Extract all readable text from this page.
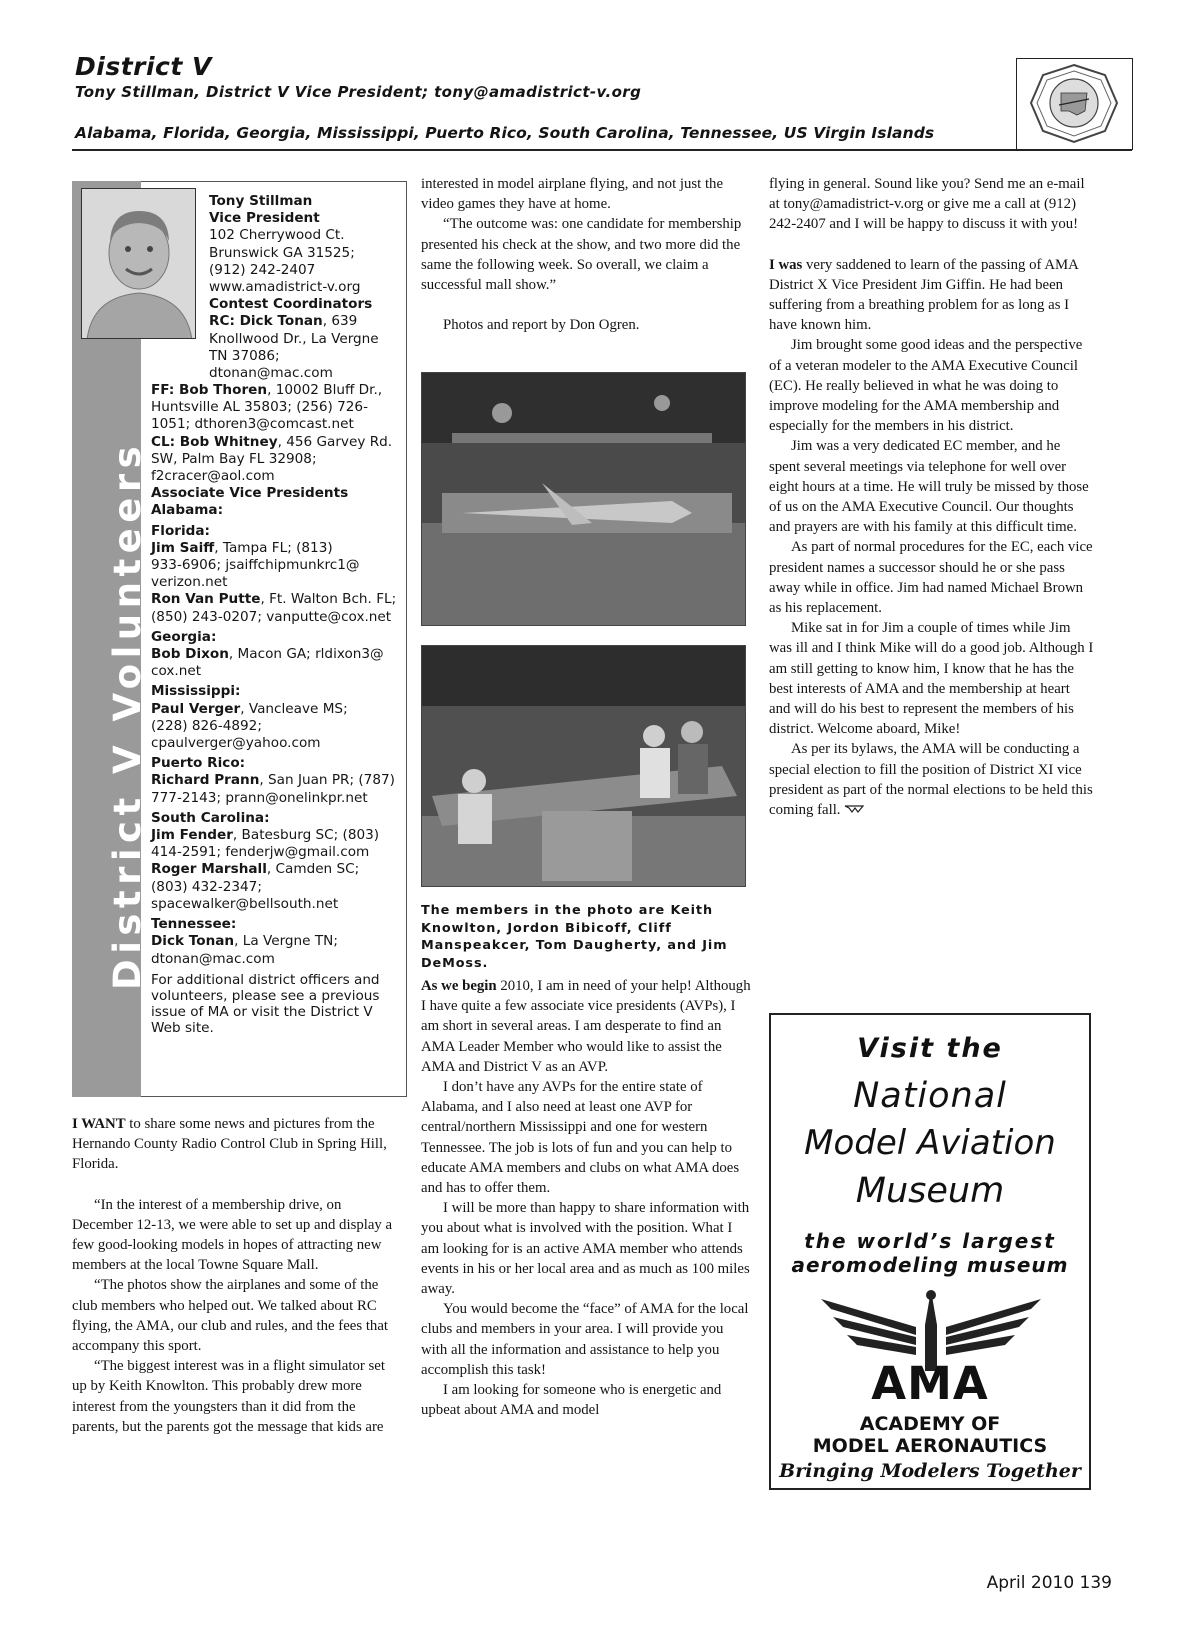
District V
Tony Stillman, District V Vice President; tony@amadistrict-v.org
Alabama, Florida, Georgia, Mississippi, Puerto Rico, South Carolina, Tennessee, US Virgin Islands
District V Volunteers
Tony Stillman
Vice President
102 Cherrywood Ct.
Brunswick GA 31525;
(912) 242-2407
www.amadistrict-v.org
Contest Coordinators
RC: Dick Tonan, 639
Knollwood Dr., La Vergne
TN 37086;
dtonan@mac.com
FF: Bob Thoren, 10002 Bluff Dr.,
Huntsville AL 35803; (256) 726-
1051; dthoren3@comcast.net
CL: Bob Whitney, 456 Garvey Rd.
SW, Palm Bay FL 32908;
f2cracer@aol.com
Associate Vice Presidents
Alabama:
Florida:
Jim Saiff, Tampa FL; (813)
933-6906; jsaiffchipmunkrc1@
verizon.net
Ron Van Putte, Ft. Walton Bch. FL;
(850) 243-0207; vanputte@cox.net
Georgia:
Bob Dixon, Macon GA; rldixon3@
cox.net
Mississippi:
Paul Verger, Vancleave MS;
(228) 826-4892;
cpaulverger@yahoo.com
Puerto Rico:
Richard Prann, San Juan PR; (787)
777-2143; prann@onelinkpr.net
South Carolina:
Jim Fender, Batesburg SC; (803)
414-2591; fenderjw@gmail.com
Roger Marshall, Camden SC;
(803) 432-2347;
spacewalker@bellsouth.net
Tennessee:
Dick Tonan, La Vergne TN;
dtonan@mac.com
For additional district officers and volunteers, please see a previous issue of MA or visit the District V Web site.

I WANT to share some news and pictures from the Hernando County Radio Control Club in Spring Hill, Florida.

“In the interest of a membership drive, on December 12-13, we were able to set up and display a few good-looking models in hopes of attracting new members at the local Towne Square Mall.

“The photos show the airplanes and some of the club members who helped out. We talked about RC flying, the AMA, our club and rules, and the fees that accompany this sport.

“The biggest interest was in a flight simulator set up by Keith Knowlton. This probably drew more interest from the youngsters than it did from the parents, but the parents got the message that kids are

interested in model airplane flying, and not just the video games they have at home.

“The outcome was: one candidate for membership presented his check at the show, and two more did the same the following week. So overall, we claim a successful mall show.”

Photos and report by Don Ogren.

The members in the photo are Keith Knowlton, Jordon Bibicoff, Cliff Manspeakcer, Tom Daugherty, and Jim DeMoss.

As we begin 2010, I am in need of your help! Although I have quite a few associate vice presidents (AVPs), I am short in several areas. I am desperate to find an AMA Leader Member who would like to assist the AMA and District V as an AVP.

I don’t have any AVPs for the entire state of Alabama, and I also need at least one AVP for central/northern Mississippi and one for western Tennessee. The job is lots of fun and you can help to educate AMA members and clubs on what AMA does and has to offer them.

I will be more than happy to share information with you about what is involved with the position. What I am looking for is an active AMA member who attends events in his or her local area and as much as 100 miles away.

You would become the “face” of AMA for the local clubs and members in your area. I will provide you with all the information and assistance to help you accomplish this task!

I am looking for someone who is energetic and upbeat about AMA and model

flying in general. Sound like you? Send me an e-mail at tony@amadistrict-v.org or give me a call at (912) 242-2407 and I will be happy to discuss it with you!

I was very saddened to learn of the passing of AMA District X Vice President Jim Giffin. He had been suffering from a breathing problem for as long as I have known him.

Jim brought some good ideas and the perspective of a veteran modeler to the AMA Executive Council (EC). He really believed in what he was doing to improve modeling for the AMA membership and especially for the members in his district.

Jim was a very dedicated EC member, and he spent several meetings via telephone for well over eight hours at a time. He will truly be missed by those of us on the AMA Executive Council. Our thoughts and prayers are with his family at this difficult time.

As part of normal procedures for the EC, each vice president names a successor should he or she pass away while in office. Jim had named Michael Brown as his replacement.

Mike sat in for Jim a couple of times while Jim was ill and I think Mike will do a good job. Although I am still getting to know him, I know that he has the best interests of AMA and the membership at heart and will do his best to represent the members of his district. Welcome aboard, Mike!

As per its bylaws, the AMA will be conducting a special election to fill the position of District XI vice president as part of the normal elections to be held this coming fall.

Visit the
National
Model Aviation
Museum
the world’s largest
aeromodeling museum
AMA
ACADEMY OF
MODEL AERONAUTICS
Bringing Modelers Together
April 2010 139
